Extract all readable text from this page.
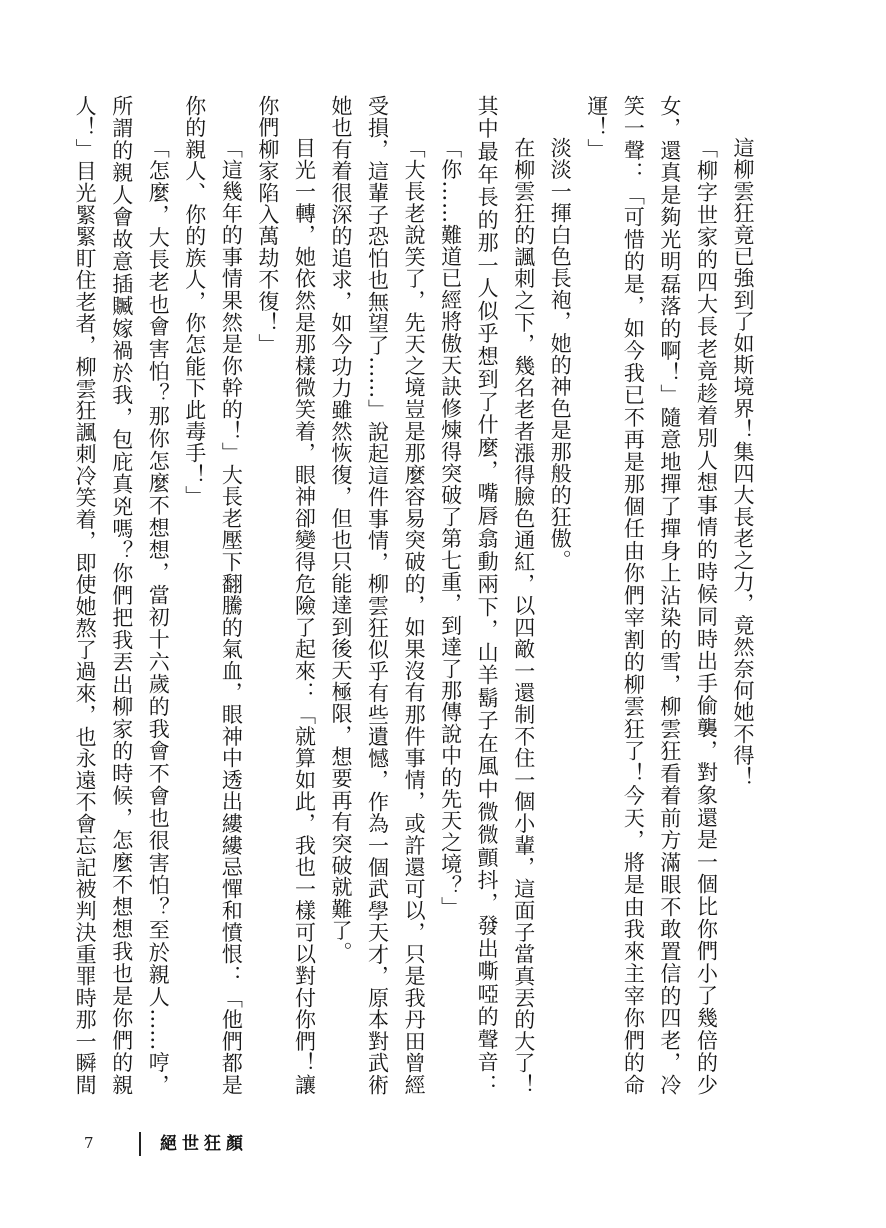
這柳雲狂竟已強到了如斯境界！集四大長老之力，竟然奈何她不得！
「柳字世家的四大長老竟趁着別人想事情的時候同時出手偷襲，對象還是一個比你們小了幾倍的少
女，還真是夠光明磊落的啊！」隨意地撣了撣身上沾染的雪，柳雲狂看着前方滿眼不敢置信的四老，冷
笑一聲：「可惜的是，如今我已不再是那個任由你們宰割的柳雲狂了！今天，將是由我來主宰你們的命
運！」
淡淡一揮白色長袍，她的神色是那般的狂傲。
在柳雲狂的諷刺之下，幾名老者漲得臉色通紅，以四敵一還制不住一個小輩，這面子當真丟的大了！
其中最年長的那一人似乎想到了什麼，嘴唇翕動兩下，山羊鬍子在風中微微顫抖，發出嘶啞的聲音：
「你……難道已經將傲天訣修煉得突破了第七重，到達了那傳說中的先天之境？」
「大長老說笑了，先天之境豈是那麼容易突破的，如果沒有那件事情，或許還可以，只是我丹田曾經
受損，這輩子恐怕也無望了……」說起這件事情，柳雲狂似乎有些遺憾，作為一個武學天才，原本對武術
她也有着很深的追求，如今功力雖然恢復，但也只能達到後天極限，想要再有突破就難了。
目光一轉，她依然是那樣微笑着，眼神卻變得危險了起來：「就算如此，我也一樣可以對付你們！讓
你們柳家陷入萬劫不復！」
「這幾年的事情果然是你幹的！」大長老壓下翻騰的氣血，眼神中透出縷縷忌憚和憤恨：「他們都是
你的親人、你的族人，你怎能下此毒手！」
「怎麼，大長老也會害怕？那你怎麼不想想，當初十六歲的我會不會也很害怕？至於親人……哼，
所謂的親人會故意插贓嫁禍於我，包庇真兇嗎？你們把我丟出柳家的時候，怎麼不想想我也是你們的親
人！」目光緊緊盯住老者，柳雲狂諷刺冷笑着，即使她熬了過來，也永遠不會忘記被判決重罪時那一瞬間
7	絕世狂顏
